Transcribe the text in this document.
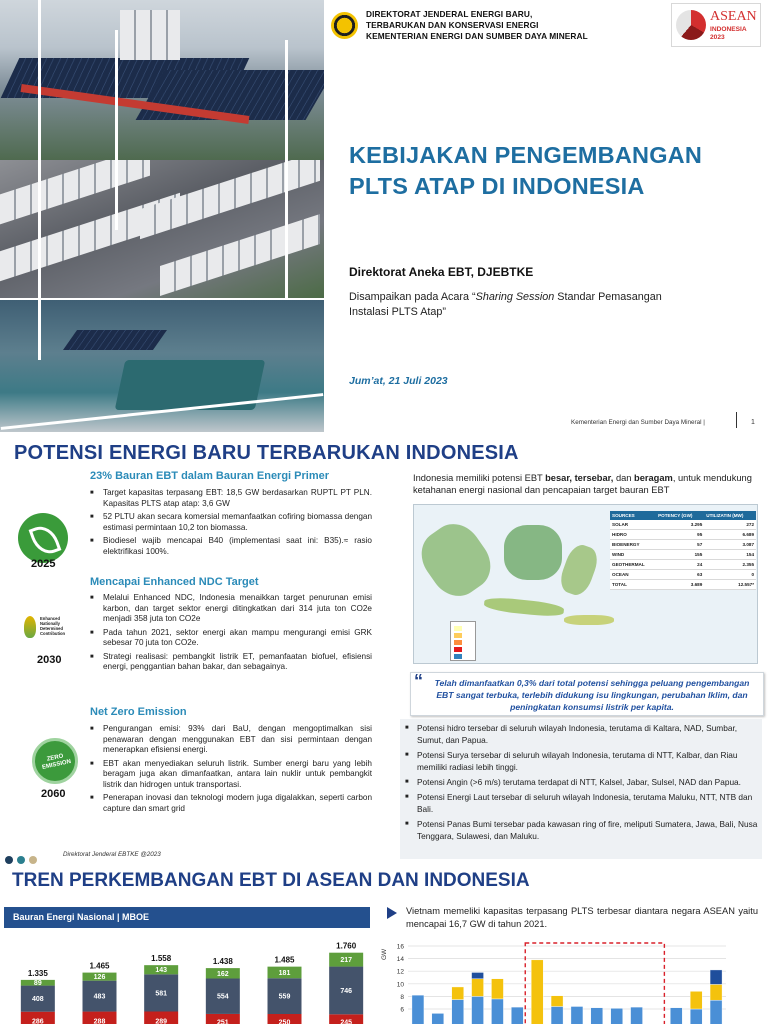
DIREKTORAT JENDERAL ENERGI BARU,
TERBARUKAN DAN KONSERVASI ENERGI
KEMENTERIAN ENERGI DAN SUMBER DAYA MINERAL
ASEAN
INDONESIA
2023
KEBIJAKAN PENGEMBANGAN
PLTS ATAP DI INDONESIA
Direktorat Aneka EBT, DJEBTKE
Disampaikan pada Acara “Sharing Session Standar Pemasangan Instalasi PLTS Atap”
Jum’at, 21 Juli 2023
Kementerian Energi dan Sumber Daya Mineral |	1
POTENSI ENERGI BARU TERBARUKAN INDONESIA
2025
23% Bauran EBT dalam Bauran Energi Primer
■ Target kapasitas terpasang EBT: 18,5 GW berdasarkan RUPTL PT PLN. Kapasitas PLTS atap atap: 3,6 GW
■ 52 PLTU akan secara komersial memanfaatkan cofiring biomassa dengan estimasi permintaan 10,2 ton biomassa.
■ Biodiesel wajib mencapai B40 (implementasi saat ini: B35).≈ rasio elektrifikasi 100%.
Enhanced Nationally Determined Contribution
2030
Mencapai Enhanced NDC Target
■ Melalui Enhanced NDC, Indonesia menaikkan target penurunan emisi karbon, dan target sektor energi ditingkatkan dari 314 juta ton CO2e menjadi 358 juta ton CO2e
■ Pada tahun 2021, sektor energi akan mampu mengurangi emisi GRK sebesar 70 juta ton CO2e.
■ Strategi realisasi: pembangkit listrik ET, pemanfaatan biofuel, efisiensi energi, penggantian bahan bakar, dan sebagainya.
ZERO EMISSION
2060
Net Zero Emission
■ Pengurangan emisi: 93% dari BaU, dengan mengoptimalkan sisi penawaran dengan menggunakan EBT dan sisi permintaan dengan menerapkan efisiensi energi.
■ EBT akan menyediakan seluruh listrik. Sumber energi baru yang lebih beragam juga akan dimanfaatkan, antara lain nuklir untuk pembangkit listrik dan hidrogen untuk transportasi.
■ Penerapan inovasi dan teknologi modern juga digalakkan, seperti carbon capture dan smart grid
Direktorat Jenderal EBTKE @2023
Indonesia memiliki potensi EBT besar, tersebar, dan beragam, untuk mendukung ketahanan energi nasional dan pencapaian target bauran EBT
SOURCES	POTENCY (GW)	UTILIZATIN (MW)
SOLAR	3.295	272
HIDRO	95	6.689
BIOENERGY	57	3.087
WIND	155	154
GEOTHERMAL	24	2.355
OCEAN	63	0
TOTAL	3.689	12.557*
“	Telah dimanfaatkan 0,3% dari total potensi sehingga peluang pengembangan EBT sangat terbuka, terlebih didukung isu lingkungan, perubahan Iklim, dan peningkatan konsumsi listrik per kapita.
■ Potensi hidro tersebar di seluruh wilayah Indonesia, terutama di Kaltara, NAD, Sumbar, Sumut, dan Papua.
■ Potensi Surya tersebar di seluruh wilayah Indonesia, terutama di NTT, Kalbar, dan Riau memiliki radiasi lebih tinggi.
■ Potensi Angin (>6 m/s) terutama terdapat di NTT, Kalsel, Jabar, Sulsel, NAD dan Papua.
■ Potensi Energi Laut tersebar di seluruh wilayah Indonesia, terutama Maluku, NTT, NTB dan Bali.
■ Potensi Panas Bumi tersebar pada kawasan ring of fire, meliputi Sumatera, Jawa, Bali, Nusa Tenggara, Sulawesi, dan Maluku.
TREN PERKEMBANGAN EBT DI ASEAN DAN INDONESIA
Bauran Energi Nasional | MBOE
286
408
89
1.335
288
483
126
1.465
289
581
143
1.558
251
554
162
1.438
250
559
181
1.485
245
746
217
1.760
Vietnam memeliki kapasitas terpasang PLTS terbesar diantara negara ASEAN yaitu mencapai 16,7 GW di tahun 2021.
16
14
12
10
8
6
GW
